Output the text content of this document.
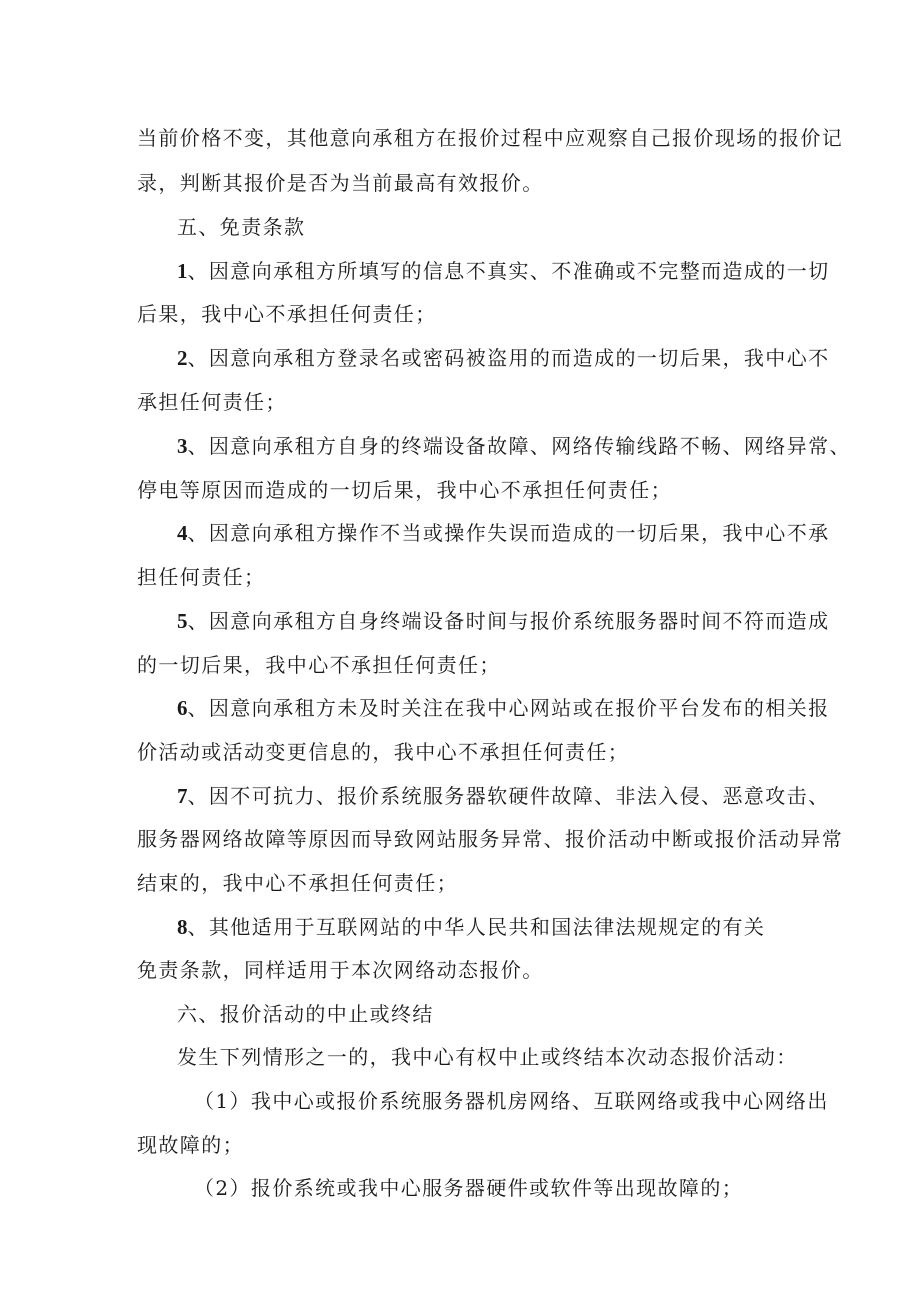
当前价格不变，其他意向承租方在报价过程中应观察自己报价现场的报价记
录，判断其报价是否为当前最高有效报价。
五、免责条款
1、因意向承租方所填写的信息不真实、不准确或不完整而造成的一切
后果，我中心不承担任何责任；
2、因意向承租方登录名或密码被盗用的而造成的一切后果，我中心不
承担任何责任；
3、因意向承租方自身的终端设备故障、网络传输线路不畅、网络异常、
停电等原因而造成的一切后果，我中心不承担任何责任；
4、因意向承租方操作不当或操作失误而造成的一切后果，我中心不承
担任何责任；
5、因意向承租方自身终端设备时间与报价系统服务器时间不符而造成
的一切后果，我中心不承担任何责任；
6、因意向承租方未及时关注在我中心网站或在报价平台发布的相关报
价活动或活动变更信息的，我中心不承担任何责任；
7、因不可抗力、报价系统服务器软硬件故障、非法入侵、恶意攻击、
服务器网络故障等原因而导致网站服务异常、报价活动中断或报价活动异常
结束的，我中心不承担任何责任；
8、其他适用于互联网站的中华人民共和国法律法规规定的有关
免责条款，同样适用于本次网络动态报价。
六、报价活动的中止或终结
发生下列情形之一的，我中心有权中止或终结本次动态报价活动：
（1）我中心或报价系统服务器机房网络、互联网络或我中心网络出
现故障的；
（2）报价系统或我中心服务器硬件或软件等出现故障的；
